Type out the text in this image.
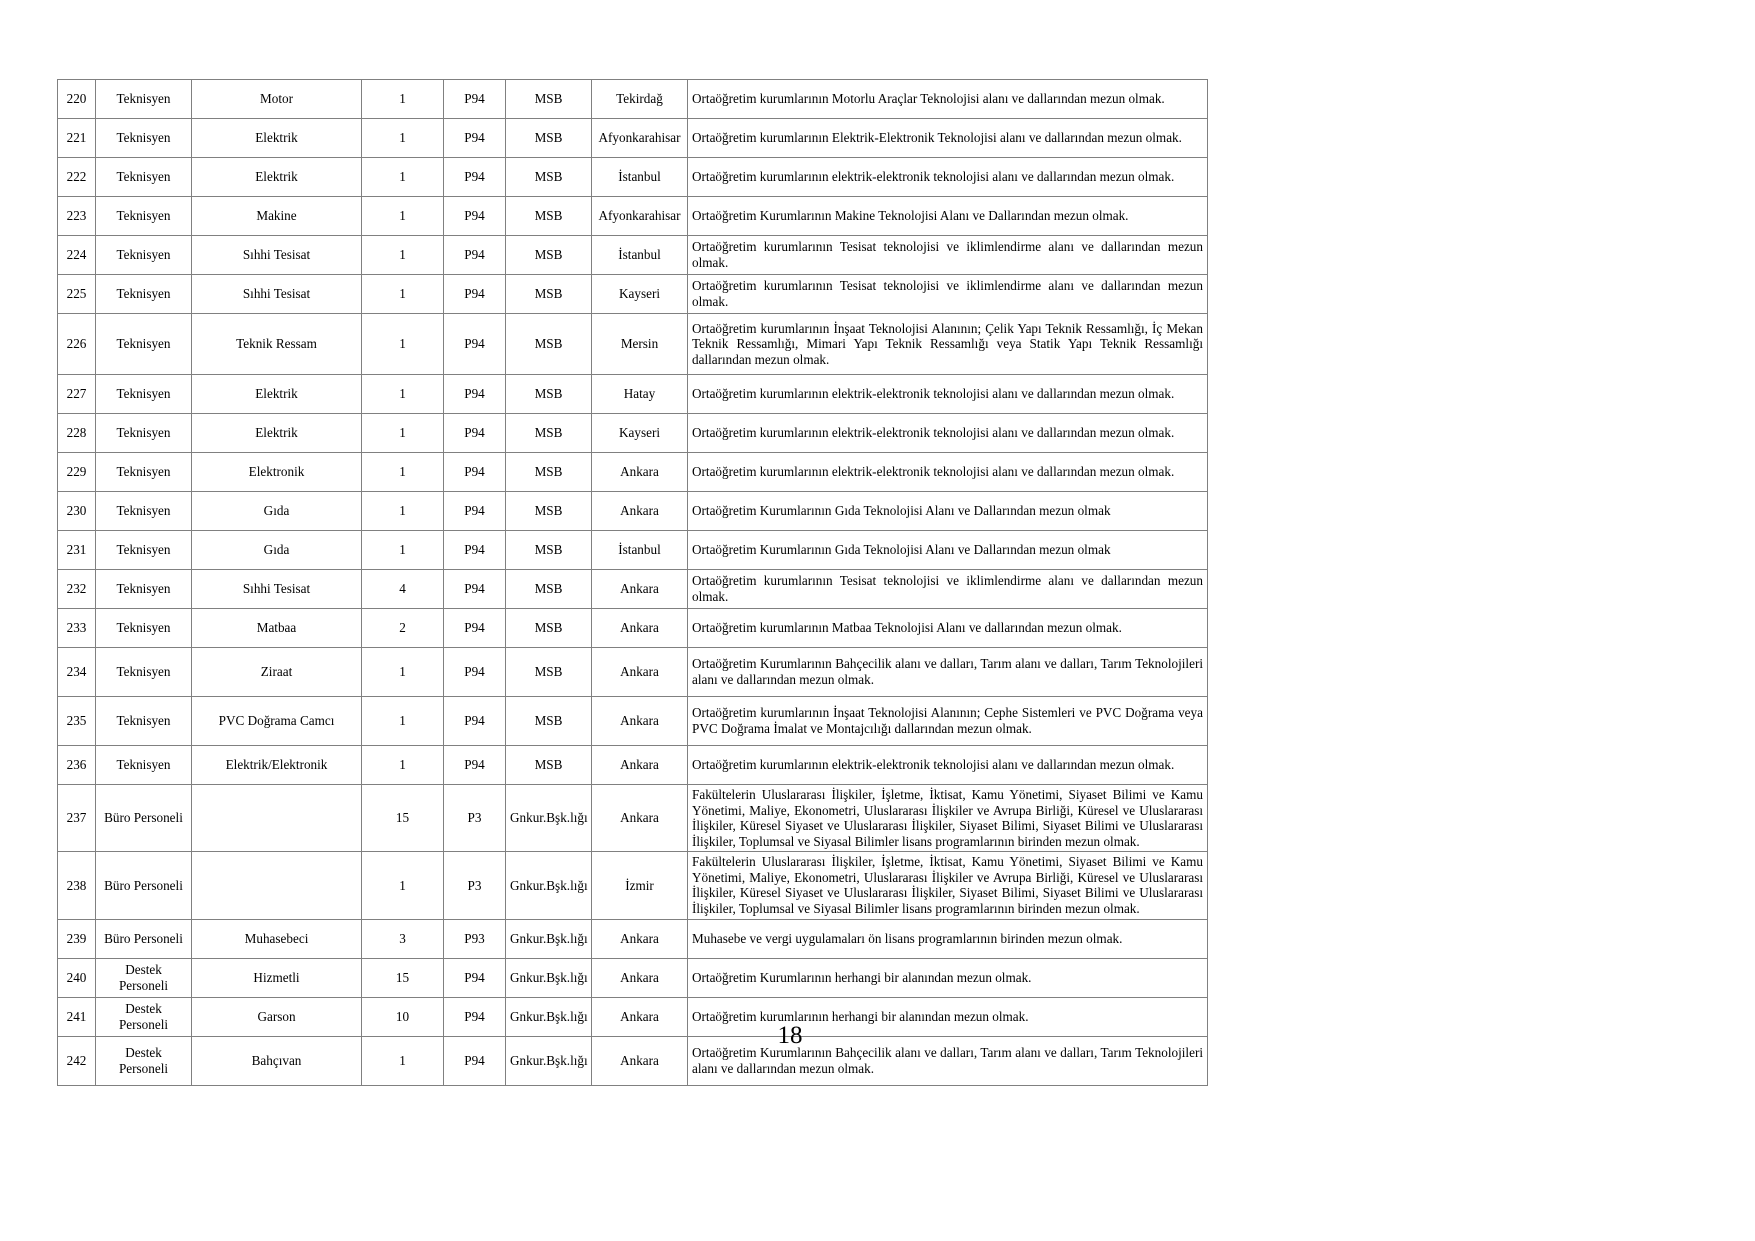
220	Teknisyen	Motor	1	P94	MSB	Tekirdağ	Ortaöğretim kurumlarının Motorlu Araçlar Teknolojisi alanı ve dallarından mezun olmak.	
221	Teknisyen	Elektrik	1	P94	MSB	Afyonkarahisar	Ortaöğretim kurumlarının Elektrik-Elektronik Teknolojisi alanı ve dallarından mezun olmak.	
222	Teknisyen	Elektrik	1	P94	MSB	İstanbul	Ortaöğretim kurumlarının elektrik-elektronik teknolojisi alanı ve dallarından mezun olmak.	
223	Teknisyen	Makine	1	P94	MSB	Afyonkarahisar	Ortaöğretim Kurumlarının Makine Teknolojisi Alanı ve Dallarından mezun olmak.	
224	Teknisyen	Sıhhi Tesisat	1	P94	MSB	İstanbul	Ortaöğretim kurumlarının Tesisat teknolojisi ve iklimlendirme alanı ve dallarından mezun olmak.	
225	Teknisyen	Sıhhi Tesisat	1	P94	MSB	Kayseri	Ortaöğretim kurumlarının Tesisat teknolojisi ve iklimlendirme alanı ve dallarından mezun olmak.	
226	Teknisyen	Teknik Ressam	1	P94	MSB	Mersin	Ortaöğretim kurumlarının İnşaat Teknolojisi Alanının; Çelik Yapı Teknik Ressamlığı, İç Mekan Teknik Ressamlığı, Mimari Yapı Teknik Ressamlığı veya Statik Yapı Teknik Ressamlığı dallarından mezun olmak.	
227	Teknisyen	Elektrik	1	P94	MSB	Hatay	Ortaöğretim kurumlarının elektrik-elektronik teknolojisi alanı ve dallarından mezun olmak.	
228	Teknisyen	Elektrik	1	P94	MSB	Kayseri	Ortaöğretim kurumlarının elektrik-elektronik teknolojisi alanı ve dallarından mezun olmak.	
229	Teknisyen	Elektronik	1	P94	MSB	Ankara	Ortaöğretim kurumlarının elektrik-elektronik teknolojisi alanı ve dallarından mezun olmak.	
230	Teknisyen	Gıda	1	P94	MSB	Ankara	Ortaöğretim Kurumlarının Gıda Teknolojisi Alanı ve Dallarından mezun olmak	
231	Teknisyen	Gıda	1	P94	MSB	İstanbul	Ortaöğretim Kurumlarının Gıda Teknolojisi Alanı ve Dallarından mezun olmak	
232	Teknisyen	Sıhhi Tesisat	4	P94	MSB	Ankara	Ortaöğretim kurumlarının Tesisat teknolojisi ve iklimlendirme alanı ve dallarından mezun olmak.	
233	Teknisyen	Matbaa	2	P94	MSB	Ankara	Ortaöğretim kurumlarının Matbaa Teknolojisi Alanı ve dallarından mezun olmak.	
234	Teknisyen	Ziraat	1	P94	MSB	Ankara	Ortaöğretim Kurumlarının Bahçecilik alanı ve dalları, Tarım alanı ve dalları, Tarım Teknolojileri alanı ve dallarından mezun olmak.	
235	Teknisyen	PVC Doğrama Camcı	1	P94	MSB	Ankara	Ortaöğretim kurumlarının İnşaat Teknolojisi Alanının; Cephe Sistemleri ve PVC Doğrama veya PVC Doğrama İmalat ve Montajcılığı dallarından mezun olmak.	
236	Teknisyen	Elektrik/Elektronik	1	P94	MSB	Ankara	Ortaöğretim kurumlarının elektrik-elektronik teknolojisi alanı ve dallarından mezun olmak.	
237	Büro Personeli		15	P3	Gnkur.Bşk.lığı	Ankara	Fakültelerin Uluslararası İlişkiler, İşletme, İktisat, Kamu Yönetimi, Siyaset Bilimi ve Kamu Yönetimi, Maliye, Ekonometri, Uluslararası İlişkiler ve Avrupa Birliği, Küresel ve Uluslararası İlişkiler, Küresel Siyaset ve Uluslararası İlişkiler, Siyaset Bilimi, Siyaset Bilimi ve Uluslararası İlişkiler, Toplumsal ve Siyasal Bilimler lisans programlarının birinden mezun olmak.	
238	Büro Personeli		1	P3	Gnkur.Bşk.lığı	İzmir	Fakültelerin Uluslararası İlişkiler, İşletme, İktisat, Kamu Yönetimi, Siyaset Bilimi ve Kamu Yönetimi, Maliye, Ekonometri, Uluslararası İlişkiler ve Avrupa Birliği, Küresel ve Uluslararası İlişkiler, Küresel Siyaset ve Uluslararası İlişkiler, Siyaset Bilimi, Siyaset Bilimi ve Uluslararası İlişkiler, Toplumsal ve Siyasal Bilimler lisans programlarının birinden mezun olmak.	
239	Büro Personeli	Muhasebeci	3	P93	Gnkur.Bşk.lığı	Ankara	Muhasebe ve vergi uygulamaları ön lisans programlarının birinden mezun olmak.	
240	Destek Personeli	Hizmetli	15	P94	Gnkur.Bşk.lığı	Ankara	Ortaöğretim Kurumlarının herhangi bir alanından mezun olmak.	
241	Destek Personeli	Garson	10	P94	Gnkur.Bşk.lığı	Ankara	Ortaöğretim kurumlarının herhangi bir alanından mezun olmak.	
242	Destek Personeli	Bahçıvan	1	P94	Gnkur.Bşk.lığı	Ankara	Ortaöğretim Kurumlarının Bahçecilik alanı ve dalları, Tarım alanı ve dalları, Tarım Teknolojileri alanı ve dallarından mezun olmak.	
18
